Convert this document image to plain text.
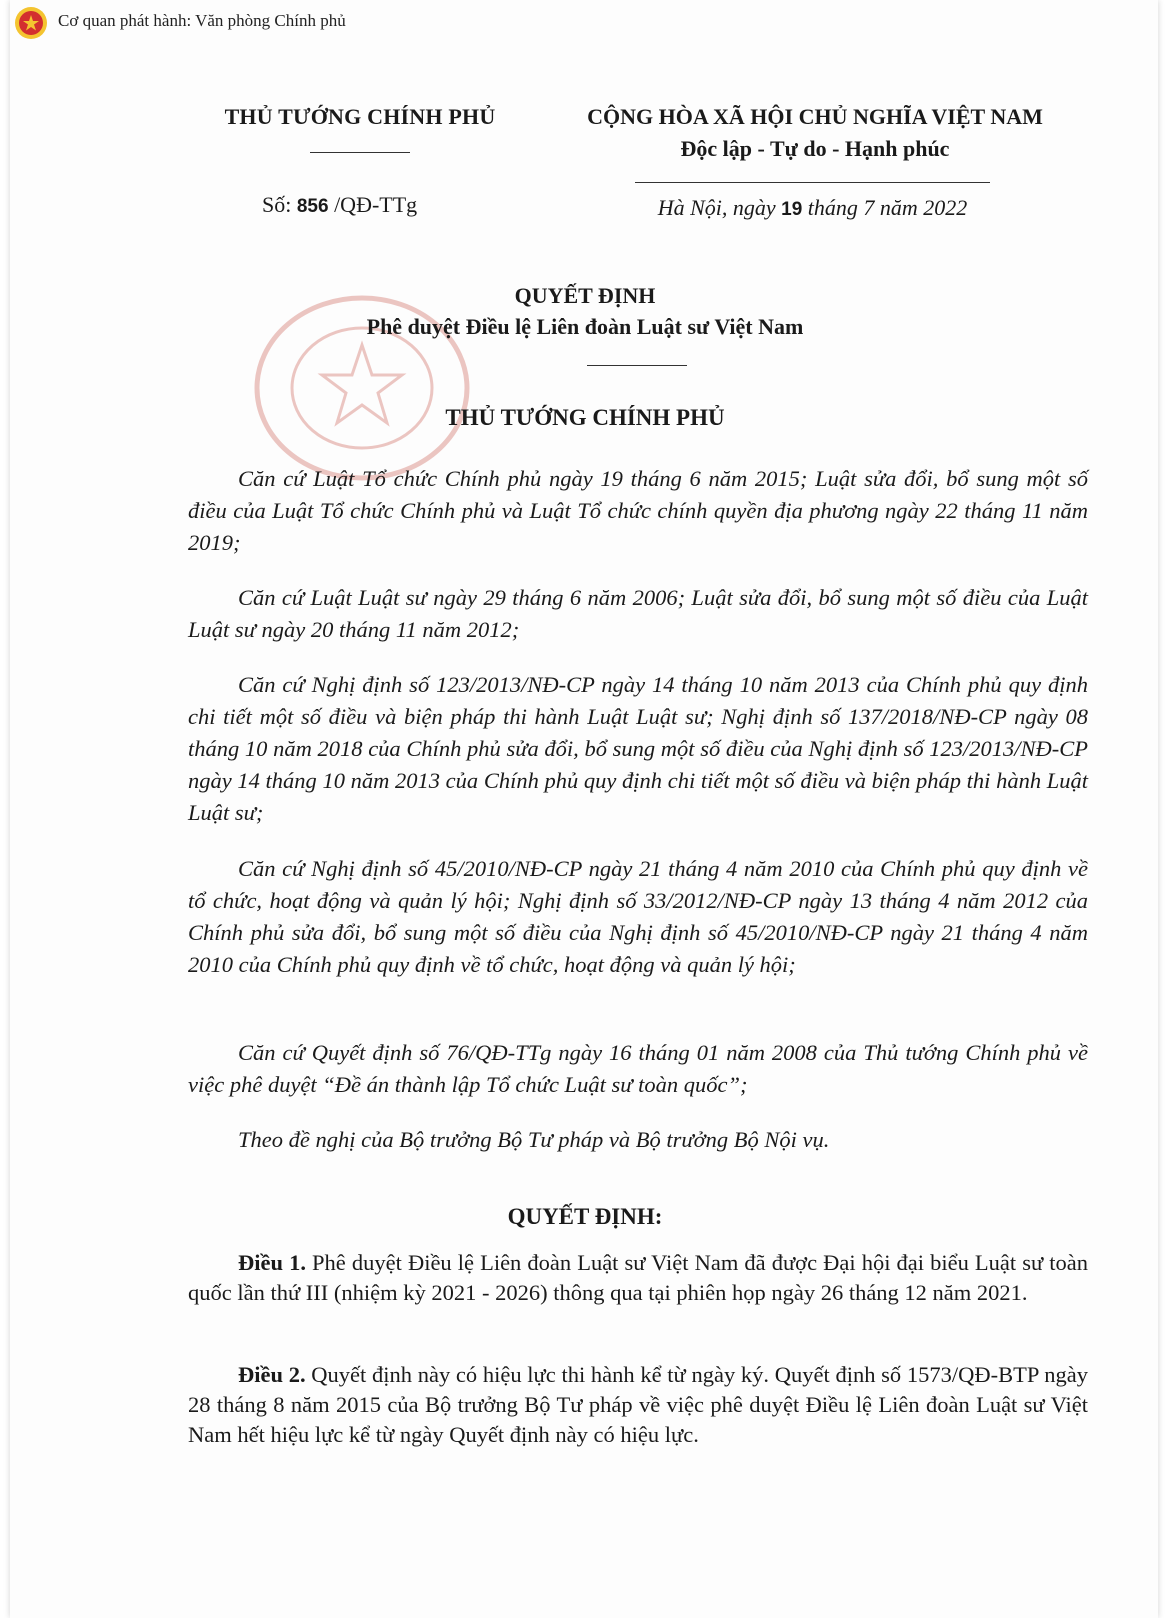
Cơ quan phát hành: Văn phòng Chính phủ
THỦ TƯỚNG CHÍNH PHỦ	CỘNG HÒA XÃ HỘI CHỦ NGHĨA VIỆT NAM
Độc lập - Tự do - Hạnh phúc
Số: 856 /QĐ-TTg	Hà Nội, ngày 19 tháng 7 năm 2022
QUYẾT ĐỊNH
Phê duyệt Điều lệ Liên đoàn Luật sư Việt Nam
THỦ TƯỚNG CHÍNH PHỦ

Căn cứ Luật Tổ chức Chính phủ ngày 19 tháng 6 năm 2015; Luật sửa đổi, bổ sung một số điều của Luật Tổ chức Chính phủ và Luật Tổ chức chính quyền địa phương ngày 22 tháng 11 năm 2019;

Căn cứ Luật Luật sư ngày 29 tháng 6 năm 2006; Luật sửa đổi, bổ sung một số điều của Luật Luật sư ngày 20 tháng 11 năm 2012;

Căn cứ Nghị định số 123/2013/NĐ-CP ngày 14 tháng 10 năm 2013 của Chính phủ quy định chi tiết một số điều và biện pháp thi hành Luật Luật sư; Nghị định số 137/2018/NĐ-CP ngày 08 tháng 10 năm 2018 của Chính phủ sửa đổi, bổ sung một số điều của Nghị định số 123/2013/NĐ-CP ngày 14 tháng 10 năm 2013 của Chính phủ quy định chi tiết một số điều và biện pháp thi hành Luật Luật sư;

Căn cứ Nghị định số 45/2010/NĐ-CP ngày 21 tháng 4 năm 2010 của Chính phủ quy định về tổ chức, hoạt động và quản lý hội; Nghị định số 33/2012/NĐ-CP ngày 13 tháng 4 năm 2012 của Chính phủ sửa đổi, bổ sung một số điều của Nghị định số 45/2010/NĐ-CP ngày 21 tháng 4 năm 2010 của Chính phủ quy định về tổ chức, hoạt động và quản lý hội;

Căn cứ Quyết định số 76/QĐ-TTg ngày 16 tháng 01 năm 2008 của Thủ tướng Chính phủ về việc phê duyệt “Đề án thành lập Tổ chức Luật sư toàn quốc”;

Theo đề nghị của Bộ trưởng Bộ Tư pháp và Bộ trưởng Bộ Nội vụ.

QUYẾT ĐỊNH:

Điều 1. Phê duyệt Điều lệ Liên đoàn Luật sư Việt Nam đã được Đại hội đại biểu Luật sư toàn quốc lần thứ III (nhiệm kỳ 2021 - 2026) thông qua tại phiên họp ngày 26 tháng 12 năm 2021.

Điều 2. Quyết định này có hiệu lực thi hành kể từ ngày ký. Quyết định số 1573/QĐ-BTP ngày 28 tháng 8 năm 2015 của Bộ trưởng Bộ Tư pháp về việc phê duyệt Điều lệ Liên đoàn Luật sư Việt Nam hết hiệu lực kể từ ngày Quyết định này có hiệu lực.
